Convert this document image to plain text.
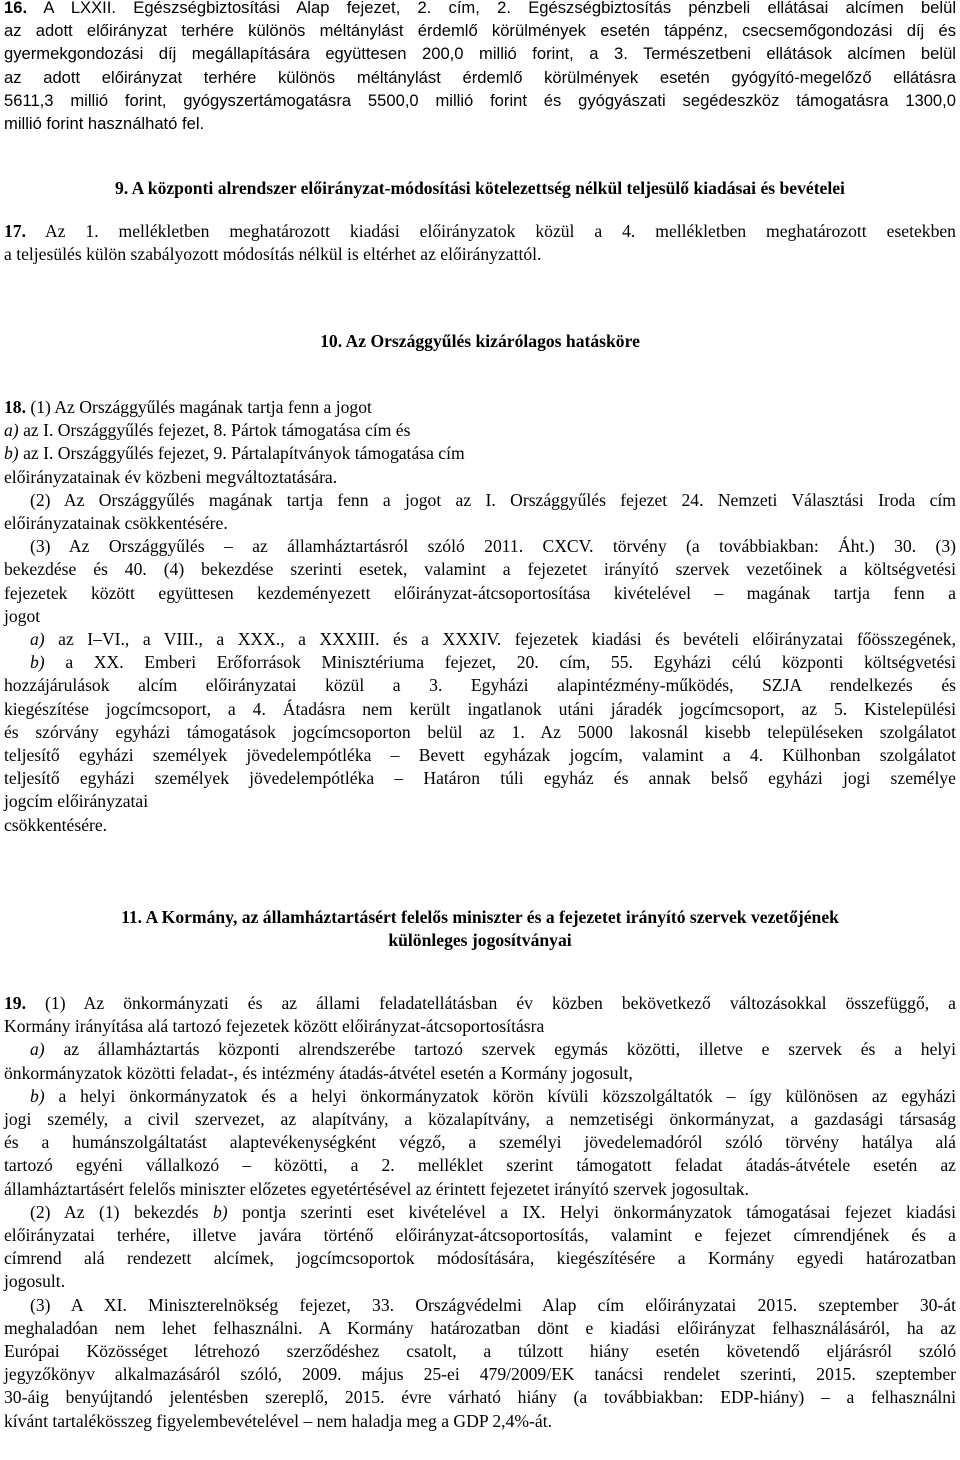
16. A LXXII. Egészségbiztosítási Alap fejezet, 2. cím, 2. Egészségbiztosítás pénzbeli ellátásai alcímen belül
az adott előirányzat terhére különös méltánylást érdemlő körülmények esetén táppénz, csecsemőgondozási díj és
gyermekgondozási díj megállapítására együttesen 200,0 millió forint, a 3. Természetbeni ellátások alcímen belül
az adott előirányzat terhére különös méltánylást érdemlő körülmények esetén gyógyító-megelőző ellátásra
5611,3 millió forint, gyógyszertámogatásra 5500,0 millió forint és gyógyászati segédeszköz támogatásra 1300,0
millió forint használható fel.
9. A központi alrendszer előirányzat-módosítási kötelezettség nélkül teljesülő kiadásai és bevételei
17. Az 1. mellékletben meghatározott kiadási előirányzatok közül a 4. mellékletben meghatározott esetekben
a teljesülés külön szabályozott módosítás nélkül is eltérhet az előirányzattól.
10. Az Országgyűlés kizárólagos hatásköre
18. (1) Az Országgyűlés magának tartja fenn a jogot
a) az I. Országgyűlés fejezet, 8. Pártok támogatása cím és
b) az I. Országgyűlés fejezet, 9. Pártalapítványok támogatása cím
előirányzatainak év közbeni megváltoztatására.
(2) Az Országgyűlés magának tartja fenn a jogot az I. Országgyűlés fejezet 24. Nemzeti Választási Iroda cím
előirányzatainak csökkentésére.
(3) Az Országgyűlés – az államháztartásról szóló 2011. CXCV. törvény (a továbbiakban: Áht.) 30. (3)
bekezdése és 40. (4) bekezdése szerinti esetek, valamint a fejezetet irányító szervek vezetőinek a költségvetési
fejezetek között együttesen kezdeményezett előirányzat-átcsoportosítása kivételével – magának tartja fenn a
jogot
a) az I–VI., a VIII., a XXX., a XXXIII. és a XXXIV. fejezetek kiadási és bevételi előirányzatai főösszegének,
b) a XX. Emberi Erőforrások Minisztériuma fejezet, 20. cím, 55. Egyházi célú központi költségvetési
hozzájárulások alcím előirányzatai közül a 3. Egyházi alapintézmény-működés, SZJA rendelkezés és
kiegészítése jogcímcsoport, a 4. Átadásra nem került ingatlanok utáni járadék jogcímcsoport, az 5. Kistelepülési
és szórvány egyházi támogatások jogcímcsoporton belül az 1. Az 5000 lakosnál kisebb településeken szolgálatot
teljesítő egyházi személyek jövedelempótléka – Bevett egyházak jogcím, valamint a 4. Külhonban szolgálatot
teljesítő egyházi személyek jövedelempótléka – Határon túli egyház és annak belső egyházi jogi személye
jogcím előirányzatai
csökkentésére.
11. A Kormány, az államháztartásért felelős miniszter és a fejezetet irányító szervek vezetőjének
különleges jogosítványai
19. (1) Az önkormányzati és az állami feladatellátásban év közben bekövetkező változásokkal összefüggő, a
Kormány irányítása alá tartozó fejezetek között előirányzat-átcsoportosításra
a) az államháztartás központi alrendszerébe tartozó szervek egymás közötti, illetve e szervek és a helyi
önkormányzatok közötti feladat-, és intézmény átadás-átvétel esetén a Kormány jogosult,
b) a helyi önkormányzatok és a helyi önkormányzatok körön kívüli közszolgáltatók – így különösen az egyházi
jogi személy, a civil szervezet, az alapítvány, a közalapítvány, a nemzetiségi önkormányzat, a gazdasági társaság
és a humánszolgáltatást alaptevékenységként végző, a személyi jövedelemadóról szóló törvény hatálya alá
tartozó egyéni vállalkozó – közötti, a 2. melléklet szerint támogatott feladat átadás-átvétele esetén az
államháztartásért felelős miniszter előzetes egyetértésével az érintett fejezetet irányító szervek jogosultak.
(2) Az (1) bekezdés b) pontja szerinti eset kivételével a IX. Helyi önkormányzatok támogatásai fejezet kiadási
előirányzatai terhére, illetve javára történő előirányzat-átcsoportosítás, valamint e fejezet címrendjének és a
címrend alá rendezett alcímek, jogcímcsoportok módosítására, kiegészítésére a Kormány egyedi határozatban
jogosult.
(3) A XI. Miniszterelnökség fejezet, 33. Országvédelmi Alap cím előirányzatai 2015. szeptember 30-át
meghaladóan nem lehet felhasználni. A Kormány határozatban dönt e kiadási előirányzat felhasználásáról, ha az
Európai Közösséget létrehozó szerződéshez csatolt, a túlzott hiány esetén követendő eljárásról szóló
jegyzőkönyv alkalmazásáról szóló, 2009. május 25-ei 479/2009/EK tanácsi rendelet szerinti, 2015. szeptember
30-áig benyújtandó jelentésben szereplő, 2015. évre várható hiány (a továbbiakban: EDP-hiány) – a felhasználni
kívánt tartalékösszeg figyelembevételével – nem haladja meg a GDP 2,4%-át.
